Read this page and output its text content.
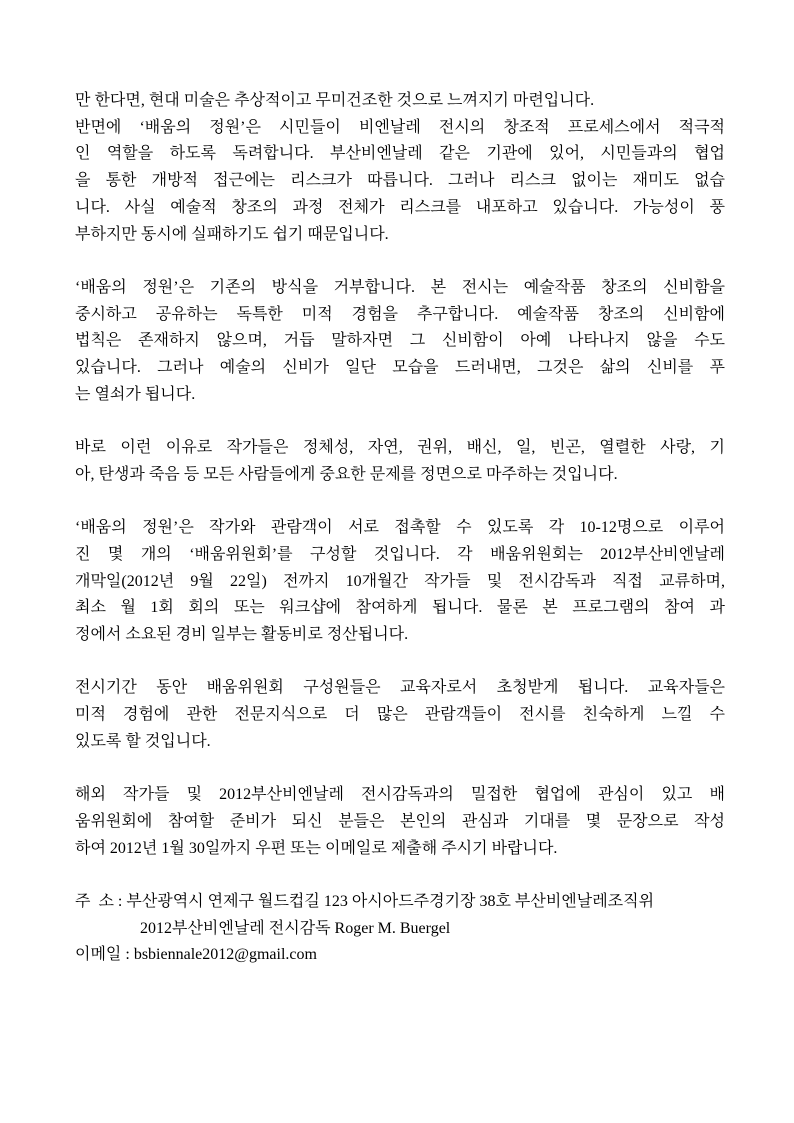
만 한다면, 현대 미술은 추상적이고 무미건조한 것으로 느껴지기 마련입니다.
반면에 ‘배움의 정원’은 시민들이 비엔날레 전시의 창조적 프로세스에서 적극적
인 역할을 하도록 독려합니다. 부산비엔날레 같은 기관에 있어, 시민들과의 협업
을 통한 개방적 접근에는 리스크가 따릅니다. 그러나 리스크 없이는 재미도 없습
니다. 사실 예술적 창조의 과정 전체가 리스크를 내포하고 있습니다. 가능성이 풍
부하지만 동시에 실패하기도 쉽기 때문입니다.
‘배움의 정원’은 기존의 방식을 거부합니다. 본 전시는 예술작품 창조의 신비함을
중시하고 공유하는 독특한 미적 경험을 추구합니다. 예술작품 창조의 신비함에
법칙은 존재하지 않으며, 거듭 말하자면 그 신비함이 아예 나타나지 않을 수도
있습니다. 그러나 예술의 신비가 일단 모습을 드러내면, 그것은 삶의 신비를 푸
는 열쇠가 됩니다.
바로 이런 이유로 작가들은 정체성, 자연, 권위, 배신, 일, 빈곤, 열렬한 사랑, 기
아, 탄생과 죽음 등 모든 사람들에게 중요한 문제를 정면으로 마주하는 것입니다.
‘배움의 정원’은 작가와 관람객이 서로 접촉할 수 있도록 각 10-12명으로 이루어
진 몇 개의 ‘배움위원회’를 구성할 것입니다. 각 배움위원회는 2012부산비엔날레
개막일(2012년 9월 22일) 전까지 10개월간 작가들 및 전시감독과 직접 교류하며,
최소 월 1회 회의 또는 워크샵에 참여하게 됩니다. 물론 본 프로그램의 참여 과
정에서 소요된 경비 일부는 활동비로 정산됩니다.
전시기간 동안 배움위원회 구성원들은 교육자로서 초청받게 됩니다. 교육자들은
미적 경험에 관한 전문지식으로 더 많은 관람객들이 전시를 친숙하게 느낄 수
있도록 할 것입니다.
해외 작가들 및 2012부산비엔날레 전시감독과의 밀접한 협업에 관심이 있고 배
움위원회에 참여할 준비가 되신 분들은 본인의 관심과 기대를 몇 문장으로 작성
하여 2012년 1월 30일까지 우편 또는 이메일로 제출해 주시기 바랍니다.
주  소 : 부산광역시 연제구 월드컵길 123 아시아드주경기장 38호 부산비엔날레조직위
2012부산비엔날레 전시감독 Roger M. Buergel
이메일 : bsbiennale2012@gmail.com
